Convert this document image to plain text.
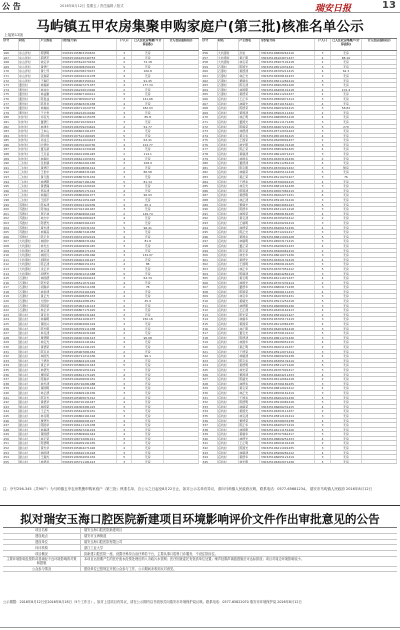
公 告	2016年8月12日 星期五 / 责任编辑 / 版式	瑞安日报	13
马屿镇五甲农房集聚申购家庭户(第三批)核准名单公示
上接第12版
序号	村名	户主姓名	身份证号码	户人口	已入住农房集聚户(计算面积)
计入农房面积(㎡)
166	东山洋村	郭德明	330325195803150632	3	无房
167	东山洋村	郭德平	330325196105240753	4	无房
168	东山洋村	林定华	330325195612070432	2	72.18
169	东山洋村	黄德仁	330325196308250415	5	无房
170	东山洋村	黄仁怀	330325196708270437	3	106.8
171	东山洋村	张瑞荣	330325196010211478	4	无房
172	东山洋村	王瑞庆	330325195903150412	3	91.45
173	董田村	林瑞弟	330325196407271457	4	177.34
174	董田村	林益中	330325196210013426	2	无房
175	董田村	林益勤	330325196607160411	5	无房
176	董田村	陈显益	330325197905064713	3	141.68
177	董田村	陈显金	330325195603231438	4	无房
178	董田村	林瑞标	330325196711024733	2	182.03
179	董田村	王长贵	330325196212010446	3	无房
180	村杉村	许家光	330325196801215478	4	85.8
181	村杉村	董德仁	330325196710230413	3	无房
182	村杉村	林建生	330325196709234624	2	52.77
183	村杉村	王本山	330325196602191437	4	无房
184	村杉村	陈中国	330325197512160425	5	无房
185	村杉村	许成云	330325195611024413	3	63.41
186	村杉村	叶德中	330325196702164736	4	124.77
187	村杉村	董克新	330325196101234418	3	无房
188	村杉村	王克省	330325196411081445	2	114.1
189	村杉村	林瑞中	330325196611203431	4	无房
190	三村村	张世镇	330325195602261436	3	108.9
191	三村村	黄德庆	330325196108091414	2	无房
192	三村村	王世中	330325195908231426	4	86.58
193	三村村	黄元胜	330325196807031432	3	无房
194	三村村	林德明	330325195407181436	5	81.34
195	三村村	黄德瑞	330325195911220416	3	无房
196	三村村	郑步清	330325196505171414	4	无房
197	三村村	林瑞庆	330325196802061477	2	96.93
198	三村村	王国平	330325195611051428	3	无房
199	苏渡村	陈本清	330325196912102436	4	65.4
200	苏渡村	陈伟成	330325197012161467	3	无房
201	苏渡村	周正林	330325195609061416	2	149.74
202	苏渡村	林志中	330325196302084423	4	无房
203	苏渡村	陈德光	330325196605261415	3	无房
204	苏渡村	黄光清	330325195710031432	5	96.41
205	苏渡村	林瑞其	330325196807241458	3	无房
206	苏渡村	陈正金	330325196311052419	4	无房
207	大坑潭村	林国中	330325195808231462	2	81.8
208	大坑潭村	林光志	330325196409091445	3	无房
209	大坑潭村	林定清	330325196908171434	4	无房
210	大坑潭村	林国元	330325196201281466	3	134.97
211	大坑潭村	胡明华	330325196402191427	2	无房
212	大坑潭村	陈正清	330325195806151431	4	88
213	大坑潭村	余正华	330325196910061419	3	无房
214	大坑潭村	胡德光	330325196301211488	5	无房
215	石潭村	林国德	330325195912094413	3	62.34
216	石潭村	陈光荣	330325196511071416	4	无房
217	石潭村	胡瑞华	330325196709211438	2	78
218	石潭村	林进清	330325195704161429	3	无房
219	石潭村	黄正光	330325196408251433	4	无房
220	石潭村	方国中	330325196612081451	3	45.9
221	石潭村	陈国荣	330325195902141413	2	无房
222	石潭村	林正华	330325196807171425	4	无房
223	碧山村	黄克金	330325196305231444	3	无房
224	碧山村	林瑞明	330325195611091477	5	150.18
225	碧山村	黄国兴	330325196902061419	3	无房
226	碧山村	陈光明	330325196709111438	4	无房
227	碧山村	林克清	330325195812031426	2	无房
228	碧山村	董德明	330325196407291413	3	90.08
229	碧山村	林定光	330325196102141461	4	无房
230	碧山村	黄德荣	330325196512191415	3	无房
231	碧山村	陈克华	330325195907081452	2	无房
232	碧山村	林国光	330325196711211436	4	96.1
233	碧山村	王德金	330325196604121418	3	无房
234	碧山村	黄正华	330325195806221443	5	无房
235	碧山村	林德光	330325196301051419	3	无房
236	碧山村	董国荣	330325196812171425	4	无房
237	碧山村	陈瑞华	330325196206091431	2	无房
238	碧山村	林光清	330325195710281488	3	无房
239	碧山村	黄国明	330325196411231414	4	无房
240	碧山村	林正德	330325196609141436	3	无房
241	碧山村	陈克光	330325195905071412	2	无房
242	碧山村	黄德华	330325196710191447	4	无房
243	碧山村	林国荣	330325196303281415	3	无房
244	碧山村	王正光	330325195612031431	5	无房
245	碧山村	林克明	330325196802161416	3	无房
246	碧山村	董德光	330325196406291427	4	无房
247	碧山村	陈国华	330325196111121438	2	无房
248	碧山村	林瑞清	330325196507241419	3	无房
249	碧山村	黄国德	330325195809061444	4	无房
250	碧山村	林正荣	330325196712081411	3	无房
251	碧山村	陈德明	330325196209191435	2	无房
252	碧山村	黄光华	330325195904271426	4	无房
253	碧山村	林国清	330325196610131418	3	无房
254	碧山村	王瑞光	330325196302051432	5	无房
255	碧山村	林德华	330325195711181413	3	无房
序号	村名	户主姓名	身份证号码	户人口	已入住农房集聚户(计算面积)
计入农房面积(㎡)
256	大坑潭村	洪旭	330325196808261416	3	无房
257	大坑潭村	黄正明	330325196104071437	4	88.16
258	大坑潭村	林克荣	330325195907191418	2	无房
259	石潭村	陈国光	330325196512031441	3	无房
260	石潭村	黄德清	330325196705211415	4	62.3
261	石潭村	林正光	330325196308161433	3	无房
262	石潭村	董瑞华	330325195611281419	5	无房
263	石潭村	陈克清	330325196902061426	3	无房
264	石潭村	林国明	330325196409141418	4	101.4
265	石潭村	黄德荣	330325196211241437	2	无房
266	后坑村	王正华	330325195809071414	3	无房
267	后坑村	林瑞光	330325196710151421	4	无房
268	后坑村	陈德荣	330325196603291415	3	58.82
269	后坑村	黄国清	330325195902111432	2	无房
270	后坑村	林正明	330325196808051418	4	无房
271	后坑村	董国光	330325196111171436	3	无房
272	后坑村	陈瑞荣	330325196407221419	5	270
273	后坑村	林德清	330325195712031444	3	无房
274	后坑村	黄克华	330325196510181415	4	无房
275	后坑村	王国荣	330325196208091437	2	无房
276	后坑村	林光明	330325196906131418	3	无房
277	后坑村	陈正荣	330325195804261425	4	无房
278	后坑村	黄瑞清	330325196612071413	3	无房
279	后坑村	林国华	330325196303191436	2	无房
280	后坑村	董德清	330325195911281419	4	无房
281	后坑村	陈克明	330325196709021432	3	無房
282	后坑村	林瑞荣	330325196405141418	5	无房
283	后坑村	黄正荣	330325196110231427	3	76
284	后坑村	王德华	330325195706091415	4	无房
285	后坑村	林克光	330325196812161438	3	无房
286	后坑村	陈国清	330325196507081419	2	无房
287	后坑村	黄德明	330325196202271431	4	无房
288	后坑村	林正清	330325195910131416	3	无房
289	后坑村	董瑞光	330325196604061443	5	无房
290	后坑村	陈德华	330325196311211418	3	无房
291	后坑村	林国荣	330325195808181435	4	无房
292	后坑村	黄克清	330325196705031412	2	无房
293	后坑村	王瑞明	330325196109291419	3	无房
294	后坑村	林德荣	330325196406151436	4	无房
295	后坑村	陈正光	330325195712241417	3	无房
296	后坑村	黄国华	330325196811091428	5	无房
297	后坑村	林瑞明	330325196503171415	3	无房
298	后坑村	董正荣	330325196208241433	4	无房
299	后坑村	陈克荣	330325195906061419	2	无房
300	后坑村	林光华	330325196610271436	3	无房
301	后坑村	黄德光	330325196302131418	4	无房
302	后坑村	王国明	330325195809191425	3	无房
303	后坑村	林正华	330325196707051412	5	无房
304	后坑村	陈瑞清	330325196404281419	3	无房
305	后坑村	黄克明	330325196111071437	4	无房
306	后坑村	林国光	330325195707231414	2	无房
307	后坑村	董德华	330325196809171438	3	无房
308	后坑村	陈国荣	330325196506111415	4	无房
309	后坑村	林克华	330325196203031431	3	无房
310	后坑村	黄瑞光	330325195911251418	5	无房
311	后坑村	林德明	330325196608091436	3	无房
312	后坑村	王正清	330325196304161413	4	无房
313	后坑村	陈光荣	330325195810221427	2	无房
314	后坑村	林瑞华	330325196705171419	3	无房
315	后坑村	黄国荣	330325196112081435	4	无房
316	后坑村	林正明	330325196403261418	3	无房
317	后坑村	董克光	330325195709141412	5	无房
318	后坑村	陈德清	330325196811231436	3	无房
319	后坑村	林国华	330325196508051415	4	无房
320	后坑村	黄正明	330325196201191437	2	无房
321	后坑村	王德荣	330325195912071414	3	无房
322	后坑村	林瑞清	330325196609291438	4	无房
323	后坑村	陈克华	330325196305131419	3	无房
324	后坑村	黄德明	330325195811271426	5	无房
325	后坑村	林光荣	330325196707091417	3	无房
326	后坑村	董国清	330325196404211433	4	无房
327	后坑村	陈瑞光	330325196110061418	2	无房
328	后坑村	林德华	330325195706181435	3	无房
329	后坑村	黄克荣	330325196812021412	4	无房
330	后坑村	林正光	330325196509161419	3	无房
331	后坑村	王国华	330325196202241436	5	无房
332	后坑村	陈德明	330325195910081418	3	无房
333	后坑村	林瑞荣	330325196606231415	4	无房
334	后坑村	黄国光	330325196303111437	2	无房
335	后坑村	林克清	330325195812191414	3	无房
336	后坑村	董德荣	330325196708031438	4	无房
337	后坑村	陈正华	330325196405271419	3	无房
338	后坑村	林国明	330325196111151426	5	无房
339	后坑村	黄瑞华	330325195707061417	3	无房
340	后坑村	林德光	330325196809251433	4	无房
341	后坑村	王正明	330325196504191418	2	无房
342	后坑村	陈国光	330325196211091435	3	无房
343	后坑村	林瑞清	330325195908281412	4	无房
344	后坑村	黄德华	330325196605121419	3	无房
345	后坑村	林光明	330325196302071436	5	无房
注：序号256-345（共90户）为马屿镇五甲农房集聚申购家庭户（第三批）核准名单，自公示之日起至8月22日止，如对公示名单有异议，请向马屿镇人民政府反映，联系电话：0577-65681234。 瑞安市马屿镇人民政府 2016年8月12日
拟对瑞安玉海口腔医院新建项目环境影响评价文件作出审批意见的公告
项目名称	瑞安玉海口腔医院新建项目
建设地点	瑞安市玉海街道
建设单位	瑞安玉海口腔医院有限公司
环评机构	浙江工业大学
项目概况	拟新建口腔医院一座，设置牙科综合治疗椅若干台，主要从事口腔科门诊服务，不设住院床位。
主要环境影响及预防或者减轻不良环境影响的对策和措施
本项目运营期产生的医疗废水经预处理后纳入市政污水管网；医疗固废委托有资质单位处置；噪声经隔声减振措施后可达标排放；项目对周边环境影响较小。
公众参与情况	建设单位已按规定开展公众参与工作，公示期间未收到反对意见。
公示期限：2016年8月12日至2016年8月18日（5个工作日）。如对上述项目有异议，请在公示期内以书面形式向瑞安市环境保护局反映。联系电话：0577-65822070 瑞安市环境保护局 2016年8月12日
